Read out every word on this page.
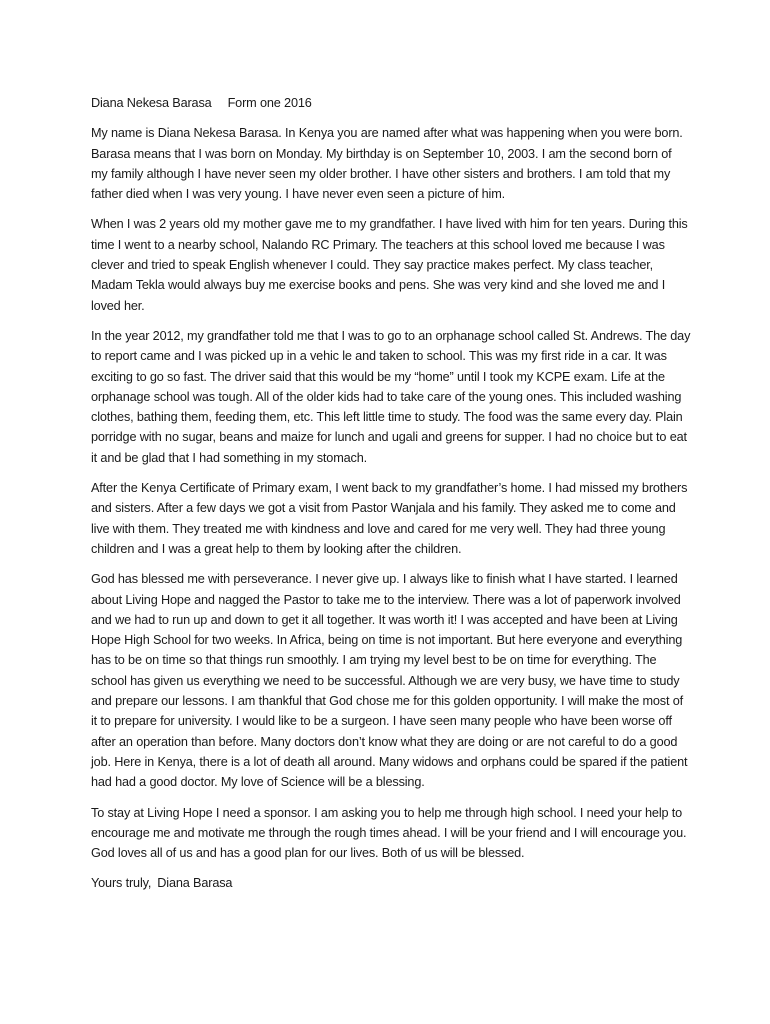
Diana Nekesa Barasa Form one 2016

My name is Diana Nekesa Barasa. In Kenya you are named after what was happening when you were born. Barasa means that I was born on Monday. My birthday is on September 10, 2003. I am the second born of my family although I have never seen my older brother. I have other sisters and brothers. I am told that my father died when I was very young. I have never even seen a picture of him.

When I was 2 years old my mother gave me to my grandfather. I have lived with him for ten years. During this time I went to a nearby school, Nalando RC Primary. The teachers at this school loved me because I was clever and tried to speak English whenever I could. They say practice makes perfect. My class teacher, Madam Tekla would always buy me exercise books and pens. She was very kind and she loved me and I loved her.

In the year 2012, my grandfather told me that I was to go to an orphanage school called St. Andrews. The day to report came and I was picked up in a vehic le and taken to school. This was my first ride in a car. It was exciting to go so fast. The driver said that this would be my “home” until I took my KCPE exam. Life at the orphanage school was tough. All of the older kids had to take care of the young ones. This included washing clothes, bathing them, feeding them, etc. This left little time to study. The food was the same every day. Plain porridge with no sugar, beans and maize for lunch and ugali and greens for supper. I had no choice but to eat it and be glad that I had something in my stomach.

After the Kenya Certificate of Primary exam, I went back to my grandfather’s home. I had missed my brothers and sisters. After a few days we got a visit from Pastor Wanjala and his family. They asked me to come and live with them. They treated me with kindness and love and cared for me very well. They had three young children and I was a great help to them by looking after the children.

God has blessed me with perseverance. I never give up. I always like to finish what I have started. I learned about Living Hope and nagged the Pastor to take me to the interview. There was a lot of paperwork involved and we had to run up and down to get it all together. It was worth it! I was accepted and have been at Living Hope High School for two weeks. In Africa, being on time is not important. But here everyone and everything has to be on time so that things run smoothly. I am trying my level best to be on time for everything. The school has given us everything we need to be successful. Although we are very busy, we have time to study and prepare our lessons. I am thankful that God chose me for this golden opportunity. I will make the most of it to prepare for university. I would like to be a surgeon. I have seen many people who have been worse off after an operation than before. Many doctors don’t know what they are doing or are not careful to do a good job. Here in Kenya, there is a lot of death all around. Many widows and orphans could be spared if the patient had had a good doctor. My love of Science will be a blessing.

To stay at Living Hope I need a sponsor. I am asking you to help me through high school. I need your help to encourage me and motivate me through the rough times ahead. I will be your friend and I will encourage you. God loves all of us and has a good plan for our lives. Both of us will be blessed.

Yours truly, Diana Barasa
